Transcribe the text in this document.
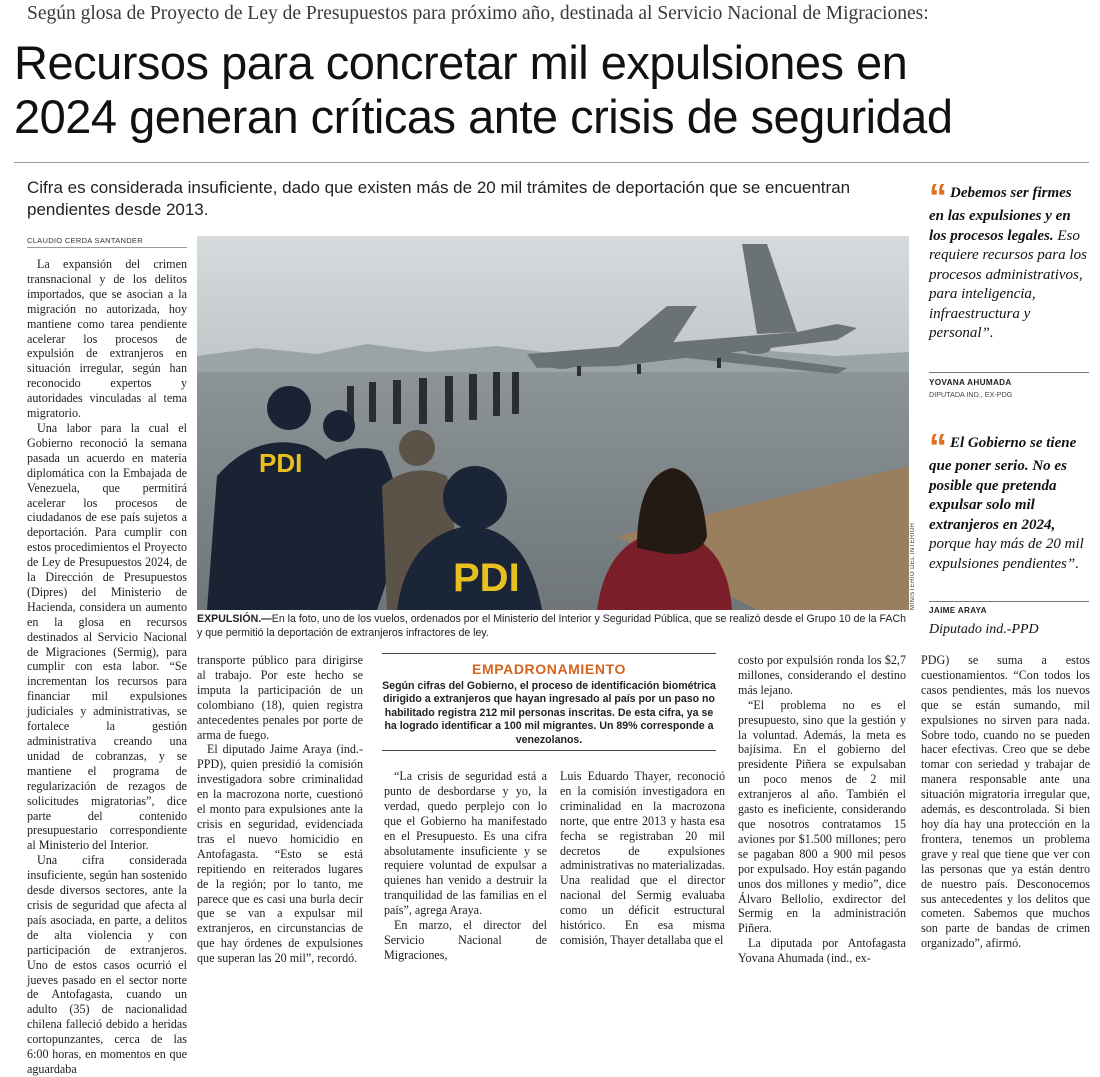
Según glosa de Proyecto de Ley de Presupuestos para próximo año, destinada al Servicio Nacional de Migraciones:
Recursos para concretar mil expulsiones en
2024 generan críticas ante crisis de seguridad
Cifra es considerada insuficiente, dado que existen más de 20 mil trámites de deportación que se encuentran pendientes desde 2013.
CLAUDIO CERDA SANTANDER

La expansión del crimen transnacional y de los delitos importados, que se asocian a la migración no autorizada, hoy mantiene como tarea pendiente acelerar los procesos de expulsión de extranjeros en situación irregular, según han reconocido expertos y autoridades vinculadas al tema migratorio.

Una labor para la cual el Gobierno reconoció la semana pasada un acuerdo en materia diplomática con la Embajada de Venezuela, que permitirá acelerar los procesos de ciudadanos de ese país sujetos a deportación. Para cumplir con estos procedimientos el Proyecto de Ley de Presupuestos 2024, de la Dirección de Presupuestos (Dipres) del Ministerio de Hacienda, considera un aumento en la glosa en recursos destinados al Servicio Nacional de Migraciones (Sermig), para cumplir con esta labor. “Se incrementan los recursos para financiar mil expulsiones judiciales y administrativas, se fortalece la gestión administrativa creando una unidad de cobranzas, y se mantiene el programa de regularización de rezagos de solicitudes migratorias”, dice parte del contenido presupuestario correspondiente al Ministerio del Interior.

Una cifra considerada insuficiente, según han sostenido desde diversos sectores, ante la crisis de seguridad que afecta al país asociada, en parte, a delitos de alta violencia y con participación de extranjeros. Uno de estos casos ocurrió el jueves pasado en el sector norte de Antofagasta, cuando un adulto (35) de nacionalidad chilena falleció debido a heridas cortopunzantes, cerca de las 6:00 horas, en momentos en que aguardaba

PDI
PDI	MINISTERIO DEL INTERIOR
EXPULSIÓN.—En la foto, uno de los vuelos, ordenados por el Ministerio del Interior y Seguridad Pública, que se realizó desde el Grupo 10 de la FACh y que permitió la deportación de extranjeros infractores de ley.
“ Debemos ser firmes en las expulsiones y en los procesos legales. Eso requiere recursos para los procesos administrativos, para inteligencia, infraestructura y personal”.
YOVANA AHUMADA
DIPUTADA IND., EX-PDG
“ El Gobierno se tiene que poner serio. No es posible que pretenda expulsar solo mil extranjeros en 2024, porque hay más de 20 mil expulsiones pendientes”.
JAIME ARAYA
Diputado ind.-PPD

transporte público para dirigirse al trabajo. Por este hecho se imputa la participación de un colombiano (18), quien registra antecedentes penales por porte de arma de fuego.

El diputado Jaime Araya (ind.-PPD), quien presidió la comisión investigadora sobre criminalidad en la macrozona norte, cuestionó el monto para expulsiones ante la crisis en seguridad, evidenciada tras el nuevo homicidio en Antofagasta. “Esto se está repitiendo en reiterados lugares de la región; por lo tanto, me parece que es casi una burla decir que se van a expulsar mil extranjeros, en circunstancias de que hay órdenes de expulsiones que superan las 20 mil”, recordó.

EMPADRONAMIENTO
Según cifras del Gobierno, el proceso de identificación biométrica dirigido a extranjeros que hayan ingresado al país por un paso no habilitado registra 212 mil personas inscritas. De esta cifra, ya se ha logrado identificar a 100 mil migrantes. Un 89% corresponde a venezolanos.

“La crisis de seguridad está a punto de desbordarse y yo, la verdad, quedo perplejo con lo que el Gobierno ha manifestado en el Presupuesto. Es una cifra absolutamente insuficiente y se requiere voluntad de expulsar a quienes han venido a destruir la tranquilidad de las familias en el país”, agrega Araya.

En marzo, el director del Servicio Nacional de Migraciones,

Luis Eduardo Thayer, reconoció en la comisión investigadora en criminalidad en la macrozona norte, que entre 2013 y hasta esa fecha se registraban 20 mil decretos de expulsiones administrativas no materializadas. Una realidad que el director nacional del Sermig evaluaba como un déficit estructural histórico. En esa misma comisión, Thayer detallaba que el

costo por expulsión ronda los $2,7 millones, considerando el destino más lejano.

“El problema no es el presupuesto, sino que la gestión y la voluntad. Además, la meta es bajísima. En el gobierno del presidente Piñera se expulsaban un poco menos de 2 mil extranjeros al año. También el gasto es ineficiente, considerando que nosotros contratamos 15 aviones por $1.500 millones; pero se pagaban 800 a 900 mil pesos por expulsado. Hoy están pagando unos dos millones y medio”, dice Álvaro Bellolio, exdirector del Sermig en la administración Piñera.

La diputada por Antofagasta Yovana Ahumada (ind., ex-

PDG) se suma a estos cuestionamientos. “Con todos los casos pendientes, más los nuevos que se están sumando, mil expulsiones no sirven para nada. Sobre todo, cuando no se pueden hacer efectivas. Creo que se debe tomar con seriedad y trabajar de manera responsable ante una situación migratoria irregular que, además, es descontrolada. Si bien hoy día hay una protección en la frontera, tenemos un problema grave y real que tiene que ver con las personas que ya están dentro de nuestro país. Desconocemos sus antecedentes y los delitos que cometen. Sabemos que muchos son parte de bandas de crimen organizado”, afirmó.
